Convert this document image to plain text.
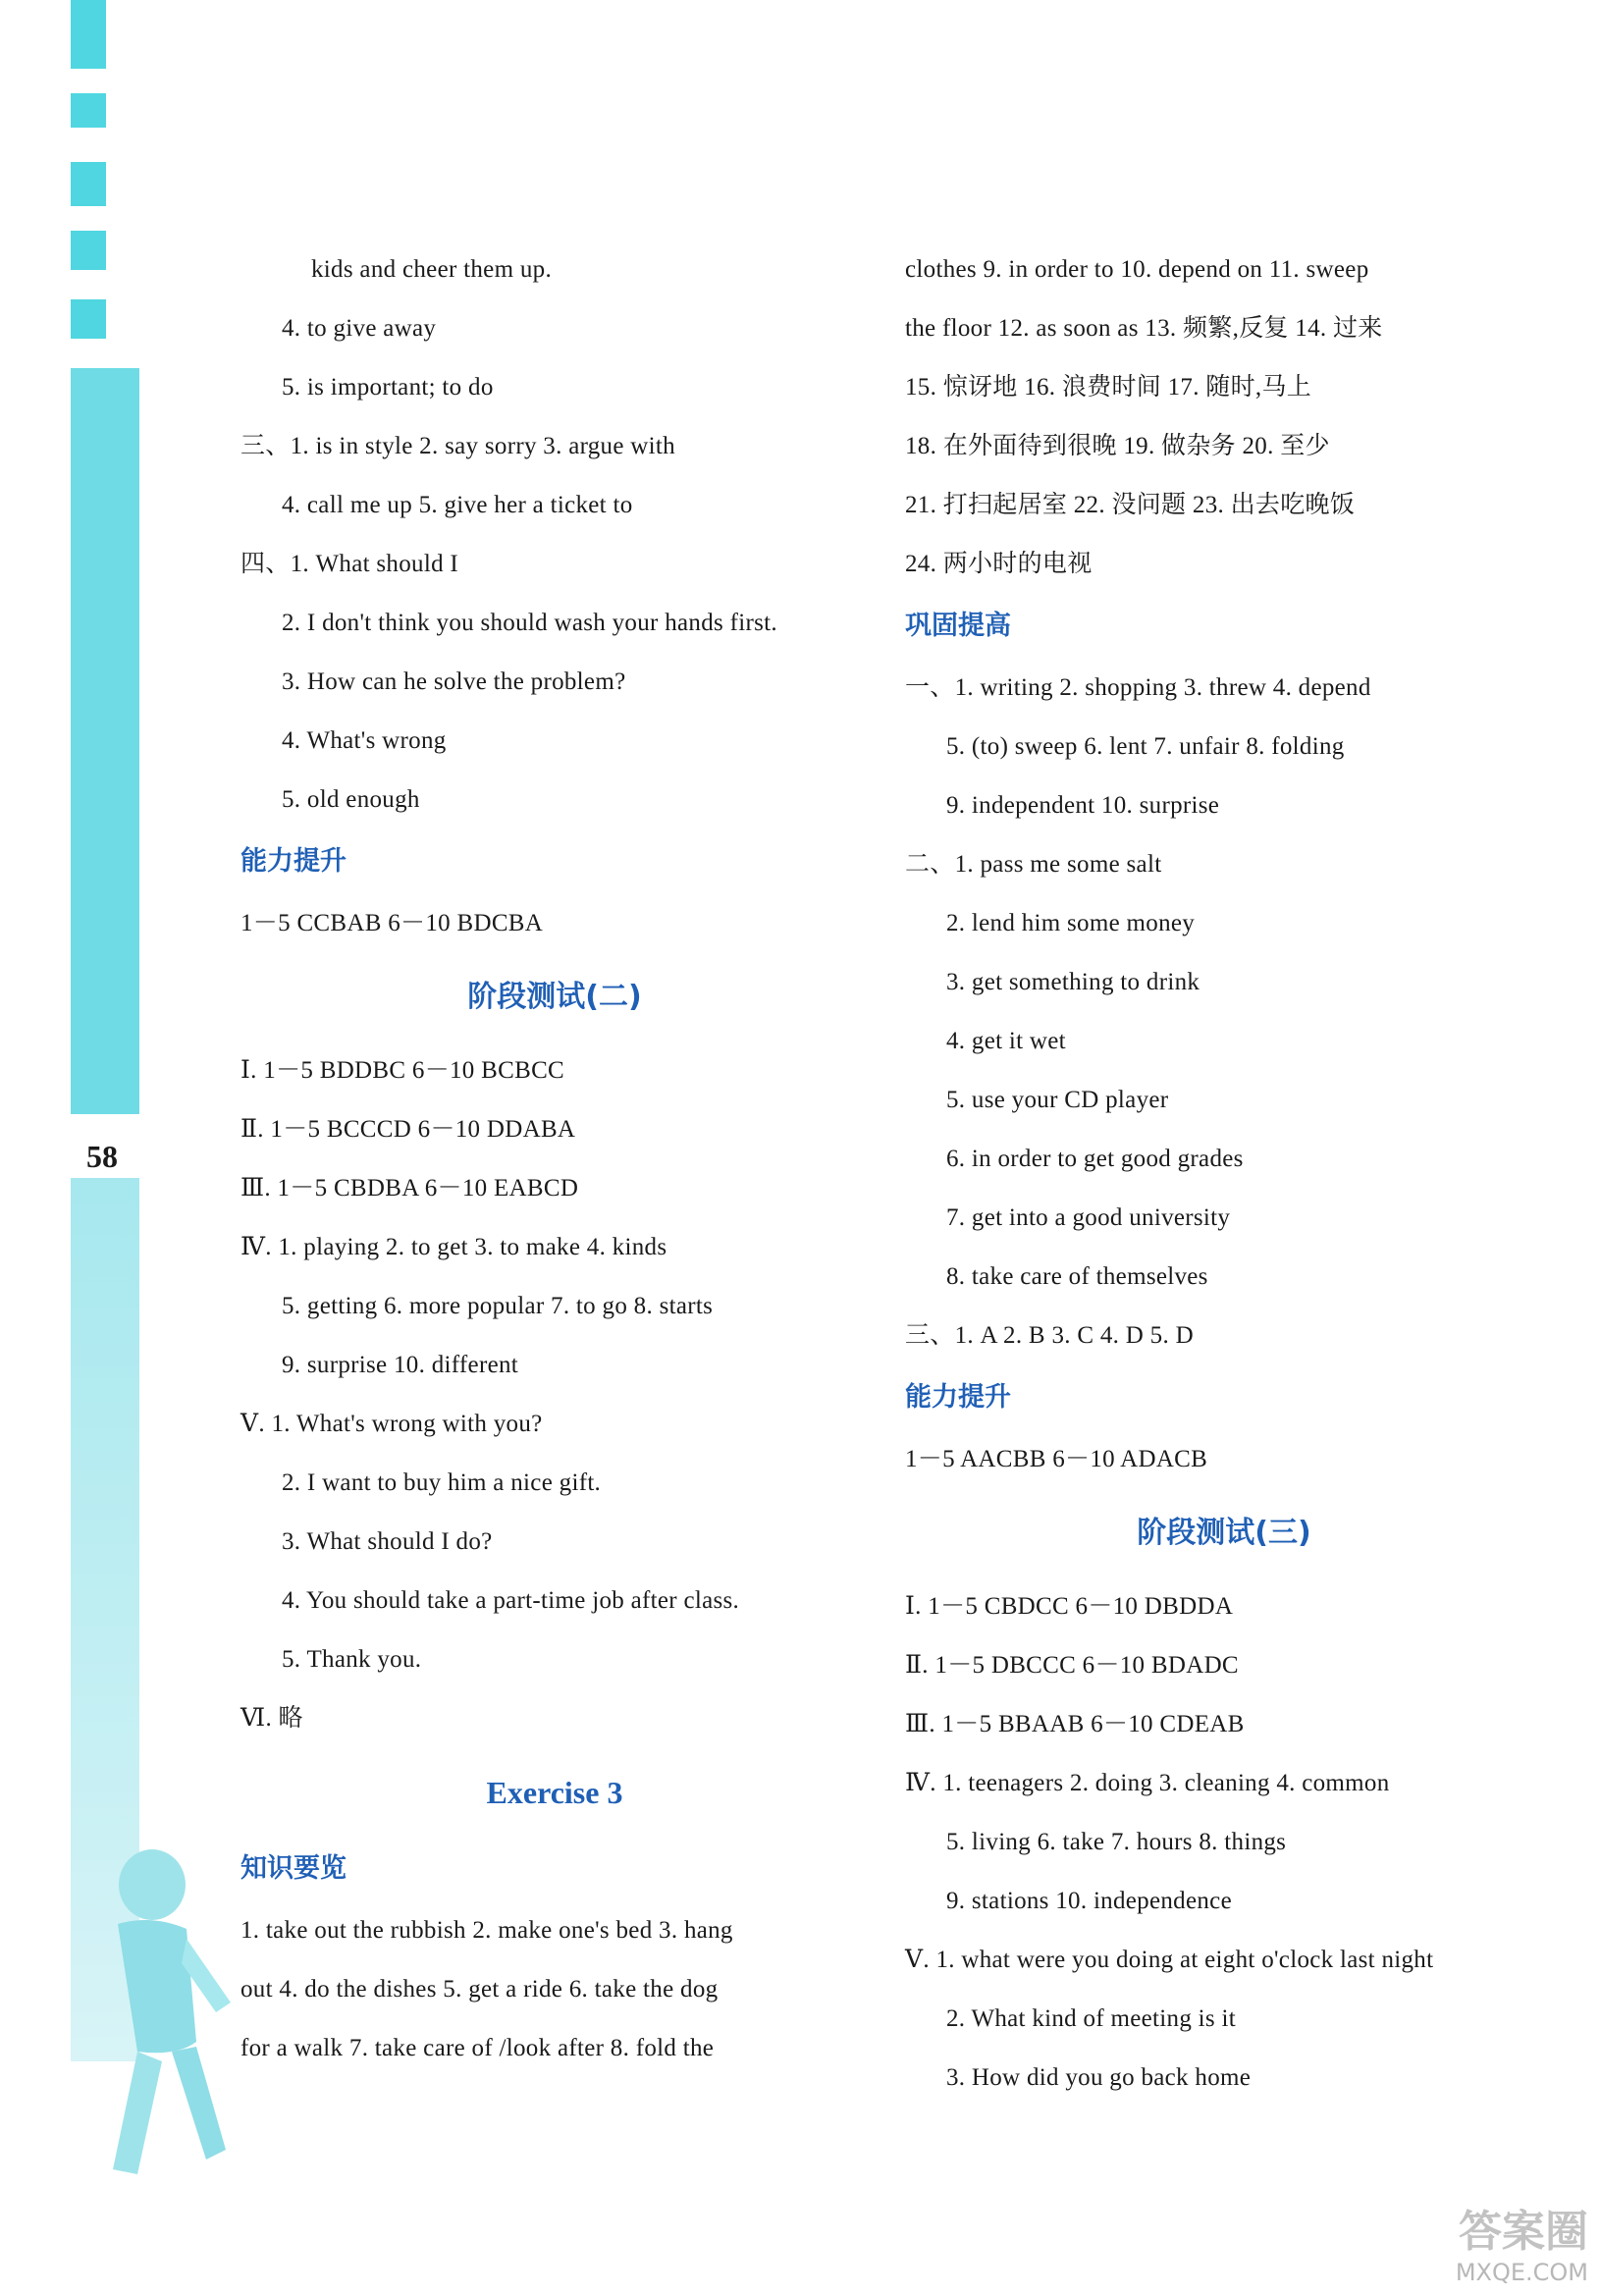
58
kids and cheer them up.
4. to give away
5. is important; to do
三、1. is in style 2. say sorry 3. argue with
4. call me up 5. give her a ticket to
四、1. What should I
2. I don't think you should wash your hands first.
3. How can he solve the problem?
4. What's wrong
5. old enough
能力提升
1－5 CCBAB 6－10 BDCBA
阶段测试(二)
Ⅰ. 1－5 BDDBC 6－10 BCBCC
Ⅱ. 1－5 BCCCD 6－10 DDABA
Ⅲ. 1－5 CBDBA 6－10 EABCD
Ⅳ. 1. playing 2. to get 3. to make 4. kinds
5. getting 6. more popular 7. to go 8. starts
9. surprise 10. different
Ⅴ. 1. What's wrong with you?
2. I want to buy him a nice gift.
3. What should I do?
4. You should take a part-time job after class.
5. Thank you.
Ⅵ. 略
Exercise 3
知识要览
1. take out the rubbish 2. make one's bed 3. hang
out 4. do the dishes 5. get a ride 6. take the dog
for a walk 7. take care of /look after 8. fold the
clothes 9. in order to 10. depend on 11. sweep
the floor 12. as soon as 13. 频繁,反复 14. 过来
15. 惊讶地 16. 浪费时间 17. 随时,马上
18. 在外面待到很晚 19. 做杂务 20. 至少
21. 打扫起居室 22. 没问题 23. 出去吃晚饭
24. 两小时的电视
巩固提高
一、1. writing 2. shopping 3. threw 4. depend
5. (to) sweep 6. lent 7. unfair 8. folding
9. independent 10. surprise
二、1. pass me some salt
2. lend him some money
3. get something to drink
4. get it wet
5. use your CD player
6. in order to get good grades
7. get into a good university
8. take care of themselves
三、1. A 2. B 3. C 4. D 5. D
能力提升
1－5 AACBB 6－10 ADACB
阶段测试(三)
Ⅰ. 1－5 CBDCC 6－10 DBDDA
Ⅱ. 1－5 DBCCC 6－10 BDADC
Ⅲ. 1－5 BBAAB 6－10 CDEAB
Ⅳ. 1. teenagers 2. doing 3. cleaning 4. common
5. living 6. take 7. hours 8. things
9. stations 10. independence
Ⅴ. 1. what were you doing at eight o'clock last night
2. What kind of meeting is it
3. How did you go back home
答案圈
MXQE.COM
